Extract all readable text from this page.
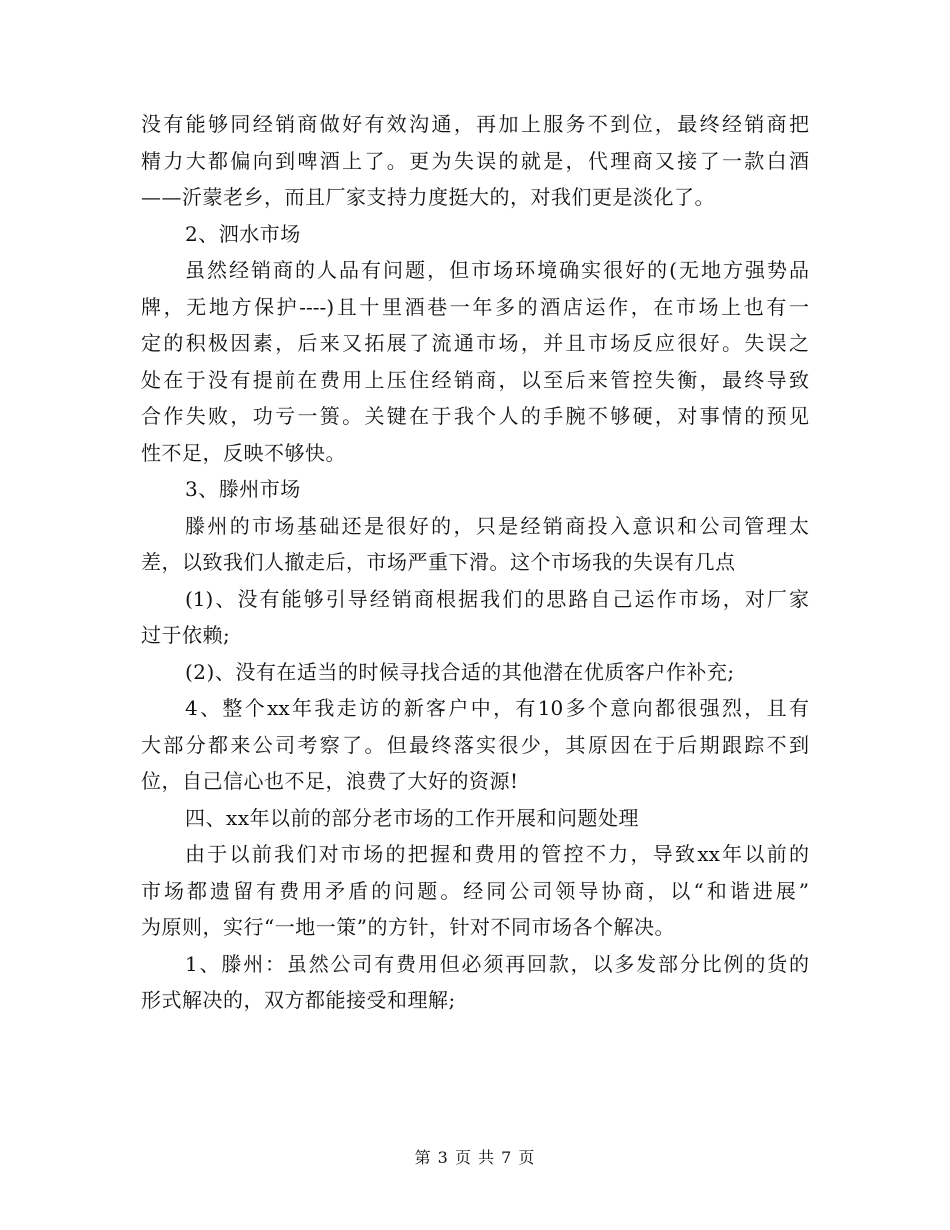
没有能够同经销商做好有效沟通，再加上服务不到位，最终经销商把
精力大都偏向到啤酒上了。更为失误的就是，代理商又接了一款白酒
——沂蒙老乡，而且厂家支持力度挺大的，对我们更是淡化了。
2、泗水市场
虽然经销商的人品有问题，但市场环境确实很好的(无地方强势品
牌，无地方保护----)且十里酒巷一年多的酒店运作，在市场上也有一
定的积极因素，后来又拓展了流通市场，并且市场反应很好。失误之
处在于没有提前在费用上压住经销商，以至后来管控失衡，最终导致
合作失败，功亏一篑。关键在于我个人的手腕不够硬，对事情的预见
性不足，反映不够快。
3、滕州市场
滕州的市场基础还是很好的，只是经销商投入意识和公司管理太
差，以致我们人撤走后，市场严重下滑。这个市场我的失误有几点
(1)、没有能够引导经销商根据我们的思路自己运作市场，对厂家
过于依赖;
(2)、没有在适当的时候寻找合适的其他潜在优质客户作补充;
4、整个xx年我走访的新客户中，有10多个意向都很强烈，且有
大部分都来公司考察了。但最终落实很少，其原因在于后期跟踪不到
位，自己信心也不足，浪费了大好的资源!
四、xx年以前的部分老市场的工作开展和问题处理
由于以前我们对市场的把握和费用的管控不力，导致xx年以前的
市场都遗留有费用矛盾的问题。经同公司领导协商，以“和谐进展”
为原则，实行“一地一策”的方针，针对不同市场各个解决。
1、滕州：虽然公司有费用但必须再回款，以多发部分比例的货的
形式解决的，双方都能接受和理解;
第 3 页 共 7 页
